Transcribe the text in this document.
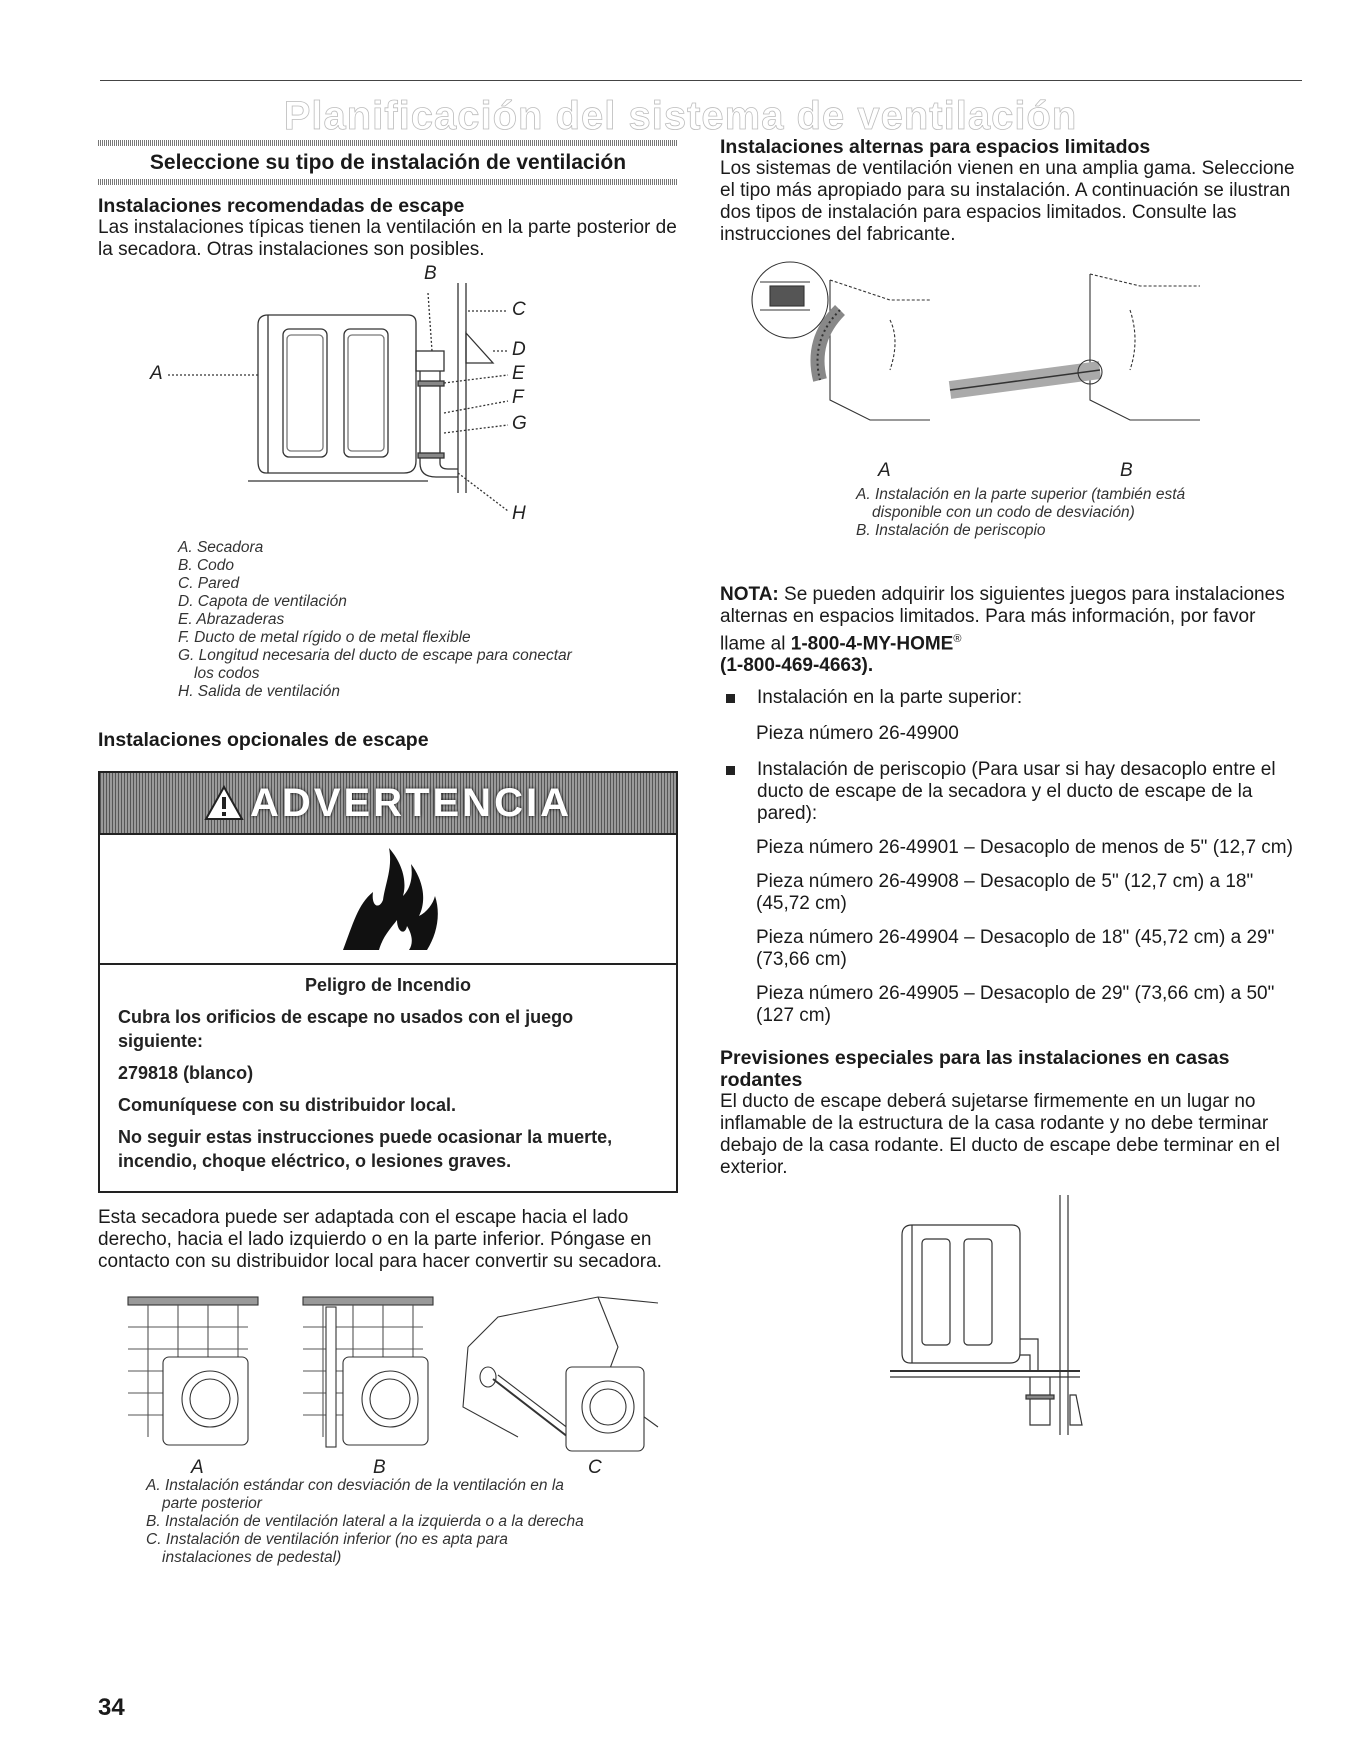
Planificación del sistema de ventilación
Seleccione su tipo de instalación de ventilación
Instalaciones recomendadas de escape

Las instalaciones típicas tienen la ventilación en la parte posterior de la secadora. Otras instalaciones son posibles.

B
A
C
D
E
F
G
H
A. Secadora
B. Codo
C. Pared
D. Capota de ventilación
E. Abrazaderas
F. Ducto de metal rígido o de metal flexible
G. Longitud necesaria del ducto de escape para conectar
los codos
H. Salida de ventilación
Instalaciones opcionales de escape
ADVERTENCIA
Peligro de Incendio
Cubra los orificios de escape no usados con el juego siguiente:
279818 (blanco)
Comuníquese con su distribuidor local.
No seguir estas instrucciones puede ocasionar la muerte, incendio, choque eléctrico, o lesiones graves.

Esta secadora puede ser adaptada con el escape hacia el lado derecho, hacia el lado izquierdo o en la parte inferior. Póngase en contacto con su distribuidor local para hacer convertir su secadora.

A	B	C
A. Instalación estándar con desviación de la ventilación en la
parte posterior
B. Instalación de ventilación lateral a la izquierda o a la derecha
C. Instalación de ventilación inferior (no es apta para
instalaciones de pedestal)
Instalaciones alternas para espacios limitados

Los sistemas de ventilación vienen en una amplia gama. Seleccione el tipo más apropiado para su instalación. A continuación se ilustran dos tipos de instalación para espacios limitados. Consulte las instrucciones del fabricante.

A	B
A. Instalación en la parte superior (también está
disponible con un codo de desviación)
B. Instalación de periscopio

NOTA: Se pueden adquirir los siguientes juegos para instalaciones alternas en espacios limitados. Para más información, por favor llame al 1-800-4-MY-HOME®
(1-800-469-4663).

Instalación en la parte superior:
Pieza número 26-49900
Instalación de periscopio (Para usar si hay desacoplo entre el ducto de escape de la secadora y el ducto de escape de la pared):
Pieza número 26-49901 – Desacoplo de menos de 5" (12,7 cm)
Pieza número 26-49908 – Desacoplo de 5" (12,7 cm) a 18" (45,72 cm)
Pieza número 26-49904 – Desacoplo de 18" (45,72 cm) a 29" (73,66 cm)
Pieza número 26-49905 – Desacoplo de 29" (73,66 cm) a 50" (127 cm)
Previsiones especiales para las instalaciones en casas rodantes

El ducto de escape deberá sujetarse firmemente en un lugar no inflamable de la estructura de la casa rodante y no debe terminar debajo de la casa rodante. El ducto de escape debe terminar en el exterior.

34
